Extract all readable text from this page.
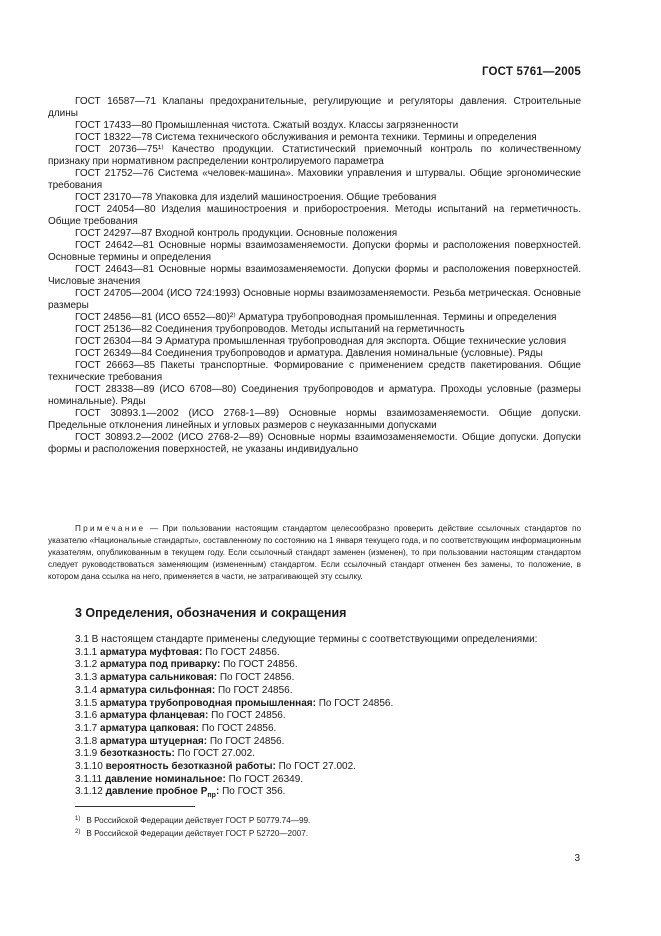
ГОСТ 5761—2005
ГОСТ 16587—71 Клапаны предохранительные, регулирующие и регуляторы давления. Строительные длины
ГОСТ 17433—80 Промышленная чистота. Сжатый воздух. Классы загрязненности
ГОСТ 18322—78 Система технического обслуживания и ремонта техники. Термины и определения
ГОСТ 20736—75¹⁾ Качество продукции. Статистический приемочный контроль по количественному признаку при нормативном распределении контролируемого параметра
ГОСТ 21752—76 Система «человек-машина». Маховики управления и штурвалы. Общие эргономические требования
ГОСТ 23170—78 Упаковка для изделий машиностроения. Общие требования
ГОСТ 24054—80 Изделия машиностроения и приборостроения. Методы испытаний на герметичность. Общие требования
ГОСТ 24297—87 Входной контроль продукции. Основные положения
ГОСТ 24642—81 Основные нормы взаимозаменяемости. Допуски формы и расположения поверхностей. Основные термины и определения
ГОСТ 24643—81 Основные нормы взаимозаменяемости. Допуски формы и расположения поверхностей. Числовые значения
ГОСТ 24705—2004 (ИСО 724:1993) Основные нормы взаимозаменяемости. Резьба метрическая. Основные размеры
ГОСТ 24856—81 (ИСО 6552—80)²⁾ Арматура трубопроводная промышленная. Термины и определения
ГОСТ 25136—82 Соединения трубопроводов. Методы испытаний на герметичность
ГОСТ 26304—84 Э Арматура промышленная трубопроводная для экспорта. Общие технические условия
ГОСТ 26349—84 Соединения трубопроводов и арматура. Давления номинальные (условные). Ряды
ГОСТ 26663—85 Пакеты транспортные. Формирование с применением средств пакетирования. Общие технические требования
ГОСТ 28338—89 (ИСО 6708—80) Соединения трубопроводов и арматура. Проходы условные (размеры номинальные). Ряды
ГОСТ 30893.1—2002 (ИСО 2768-1—89) Основные нормы взаимозаменяемости. Общие допуски. Предельные отклонения линейных и угловых размеров с неуказанными допусками
ГОСТ 30893.2—2002 (ИСО 2768-2—89) Основные нормы взаимозаменяемости. Общие допуски. Допуски формы и расположения поверхностей, не указаны индивидуально
Примечание — При пользовании настоящим стандартом целесообразно проверить действие ссылочных стандартов по указателю «Национальные стандарты», составленному по состоянию на 1 января текущего года, и по соответствующим информационным указателям, опубликованным в текущем году. Если ссылочный стандарт заменен (изменен), то при пользовании настоящим стандартом следует руководствоваться заменяющим (измененным) стандартом. Если ссылочный стандарт отменен без замены, то положение, в котором дана ссылка на него, применяется в части, не затрагивающей эту ссылку.
3 Определения, обозначения и сокращения
3.1 В настоящем стандарте применены следующие термины с соответствующими определениями:
3.1.1 арматура муфтовая: По ГОСТ 24856.
3.1.2 арматура под приварку: По ГОСТ 24856.
3.1.3 арматура сальниковая: По ГОСТ 24856.
3.1.4 арматура сильфонная: По ГОСТ 24856.
3.1.5 арматура трубопроводная промышленная: По ГОСТ 24856.
3.1.6 арматура фланцевая: По ГОСТ 24856.
3.1.7 арматура цапковая: По ГОСТ 24856.
3.1.8 арматура штуцерная: По ГОСТ 24856.
3.1.9 безотказность: По ГОСТ 27.002.
3.1.10 вероятность безотказной работы: По ГОСТ 27.002.
3.1.11 давление номинальное: По ГОСТ 26349.
3.1.12 давление пробное $P_{пр}$: По ГОСТ 356.
$^{1)}$ В Российской Федерации действует ГОСТ Р 50779.74—99.
$^{2)}$ В Российской Федерации действует ГОСТ Р 52720—2007.
3
